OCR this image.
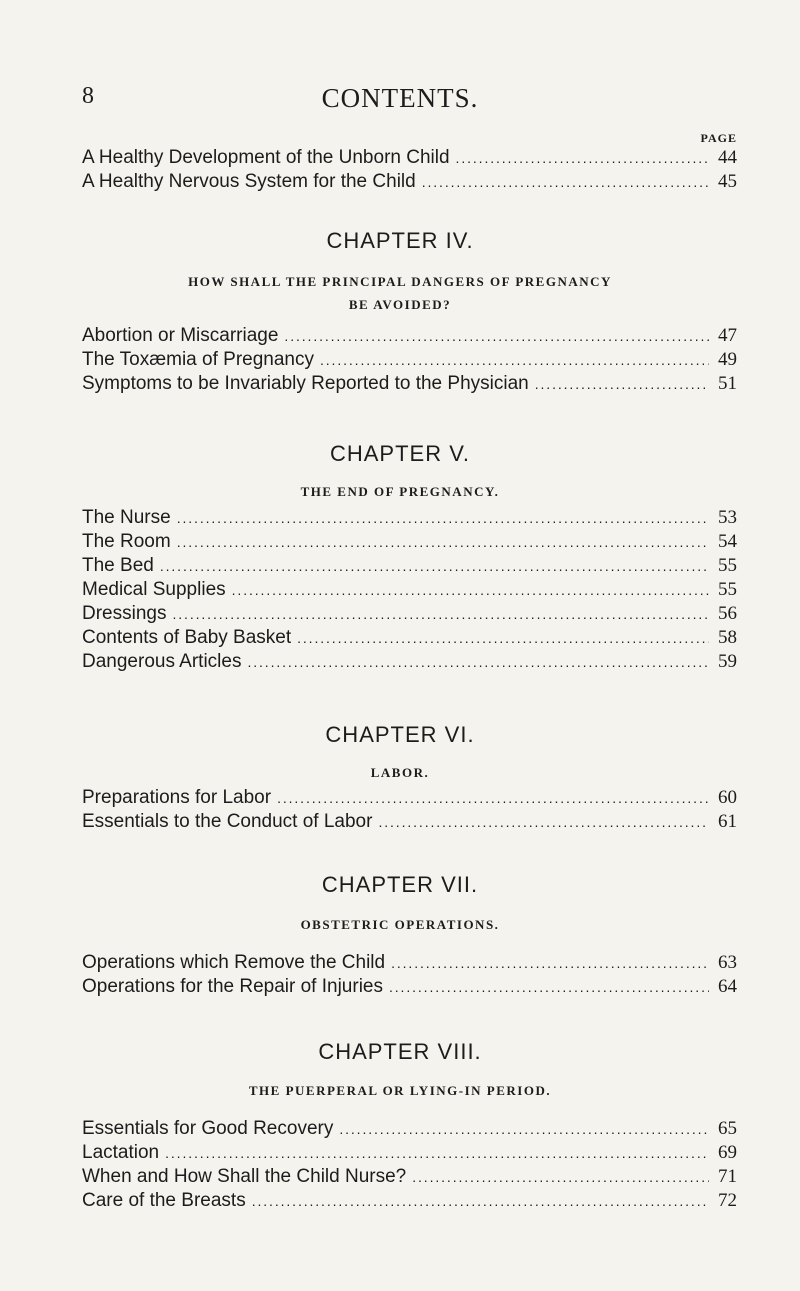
8	CONTENTS.
PAGE
A Healthy Development of the Unborn Child . . .	44
A Healthy Nervous System for the Child . . .	45
CHAPTER IV.
HOW SHALL THE PRINCIPAL DANGERS OF PREGNANCY
BE AVOIDED?
Abortion or Miscarriage . . .	47
The Toxæmia of Pregnancy . . .	49
Symptoms to be Invariably Reported to the Physician . . .	51
CHAPTER V.
THE END OF PREGNANCY.
The Nurse . . .	53
The Room . . .	54
The Bed . . .	55
Medical Supplies . . .	55
Dressings . . .	56
Contents of Baby Basket . . .	58
Dangerous Articles . . .	59
CHAPTER VI.
LABOR.
Preparations for Labor . . .	60
Essentials to the Conduct of Labor . . .	61
CHAPTER VII.
OBSTETRIC OPERATIONS.
Operations which Remove the Child . . .	63
Operations for the Repair of Injuries . . .	64
CHAPTER VIII.
THE PUERPERAL OR LYING-IN PERIOD.
Essentials for Good Recovery . . .	65
Lactation . . .	69
When and How Shall the Child Nurse? . . .	71
Care of the Breasts . . .	72
